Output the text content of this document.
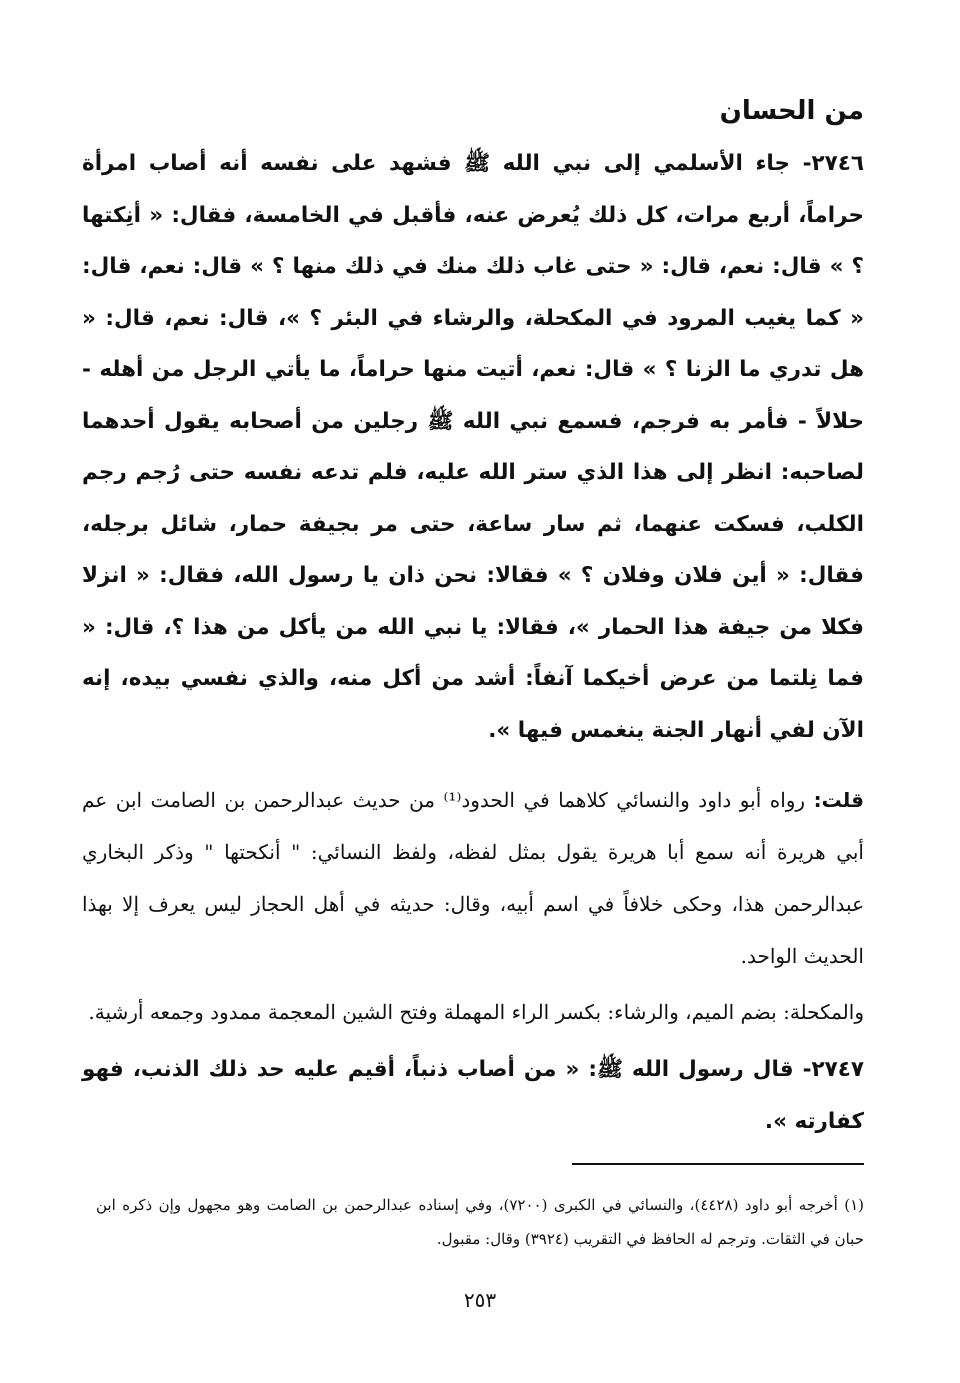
من الحسان

٢٧٤٦- جاء الأسلمي إلى نبي الله ﷺ فشهد على نفسه أنه أصاب امرأة حراماً، أربع مرات، كل ذلك يُعرض عنه، فأقبل في الخامسة، فقال: « أنِكتها ؟ » قال: نعم، قال: « حتى غاب ذلك منك في ذلك منها ؟ » قال: نعم، قال: « كما يغيب المرود في المكحلة، والرشاء في البئر ؟ »، قال: نعم، قال: « هل تدري ما الزنا ؟ » قال: نعم، أتيت منها حراماً، ما يأتي الرجل من أهله - حلالاً - فأمر به فرجم، فسمع نبي الله ﷺ رجلين من أصحابه يقول أحدهما لصاحبه: انظر إلى هذا الذي ستر الله عليه، فلم تدعه نفسه حتى رُجم رجم الكلب، فسكت عنهما، ثم سار ساعة، حتى مر بجيفة حمار، شائل برجله، فقال: « أين فلان وفلان ؟ » فقالا: نحن ذان يا رسول الله، فقال: « انزلا فكلا من جيفة هذا الحمار »، فقالا: يا نبي الله من يأكل من هذا ؟، قال: « فما نِلتما من عرض أخيكما آنفاً: أشد من أكل منه، والذي نفسي بيده، إنه الآن لفي أنهار الجنة ينغمس فيها ».

قلت: رواه أبو داود والنسائي كلاهما في الحدود⁽¹⁾ من حديث عبدالرحمن بن الصامت ابن عم أبي هريرة أنه سمع أبا هريرة يقول بمثل لفظه، ولفظ النسائي: " أنكحتها " وذكر البخاري عبدالرحمن هذا، وحكى خلافاً في اسم أبيه، وقال: حديثه في أهل الحجاز ليس يعرف إلا بهذا الحديث الواحد.

والمكحلة: بضم الميم، والرشاء: بكسر الراء المهملة وفتح الشين المعجمة ممدود وجمعه أرشية.

٢٧٤٧- قال رسول الله ﷺ: « من أصاب ذنباً، أقيم عليه حد ذلك الذنب، فهو كفارته ».

(١) أخرجه أبو داود (٤٤٢٨)، والنسائي في الكبرى (٧٢٠٠)، وفي إسناده عبدالرحمن بن الصامت وهو مجهول وإن ذكره ابن حبان في الثقات. وترجم له الحافظ في التقريب (٣٩٢٤) وقال: مقبول.
٢٥٣
